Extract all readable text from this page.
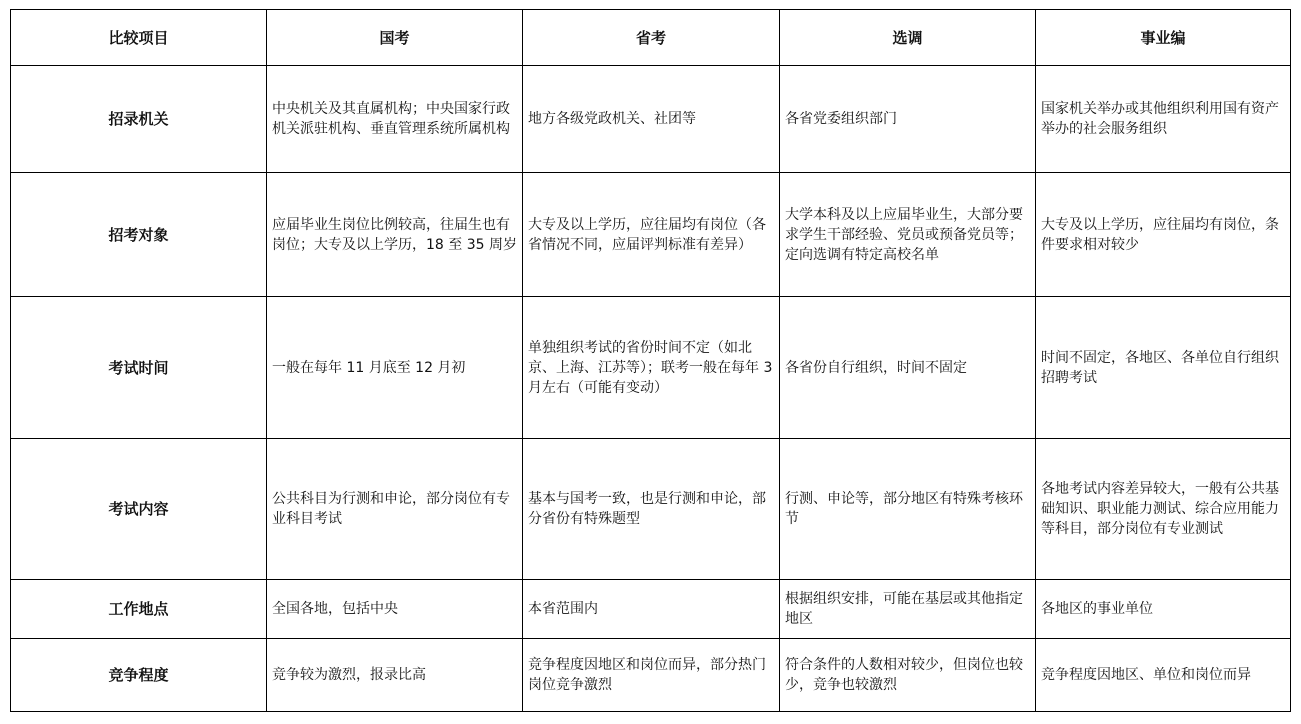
比较项目	国考	省考	选调	事业编
招录机关	中央机关及其直属机构；中央国家行政机关派驻机构、垂直管理系统所属机构	地方各级党政机关、社团等	各省党委组织部门	国家机关举办或其他组织利用国有资产举办的社会服务组织
招考对象	应届毕业生岗位比例较高，往届生也有岗位；大专及以上学历，18 至 35 周岁	大专及以上学历，应往届均有岗位（各省情况不同，应届评判标准有差异）	大学本科及以上应届毕业生，大部分要求学生干部经验、党员或预备党员等；定向选调有特定高校名单	大专及以上学历，应往届均有岗位，条件要求相对较少
考试时间	一般在每年 11 月底至 12 月初	单独组织考试的省份时间不定（如北京、上海、江苏等）；联考一般在每年 3 月左右（可能有变动）	各省份自行组织，时间不固定	时间不固定，各地区、各单位自行组织招聘考试
考试内容	公共科目为行测和申论，部分岗位有专业科目考试	基本与国考一致，也是行测和申论，部分省份有特殊题型	行测、申论等，部分地区有特殊考核环节	各地考试内容差异较大，一般有公共基础知识、职业能力测试、综合应用能力等科目，部分岗位有专业测试
工作地点	全国各地，包括中央	本省范围内	根据组织安排，可能在基层或其他指定地区	各地区的事业单位
竞争程度	竞争较为激烈，报录比高	竞争程度因地区和岗位而异，部分热门岗位竞争激烈	符合条件的人数相对较少，但岗位也较少，竞争也较激烈	竞争程度因地区、单位和岗位而异
